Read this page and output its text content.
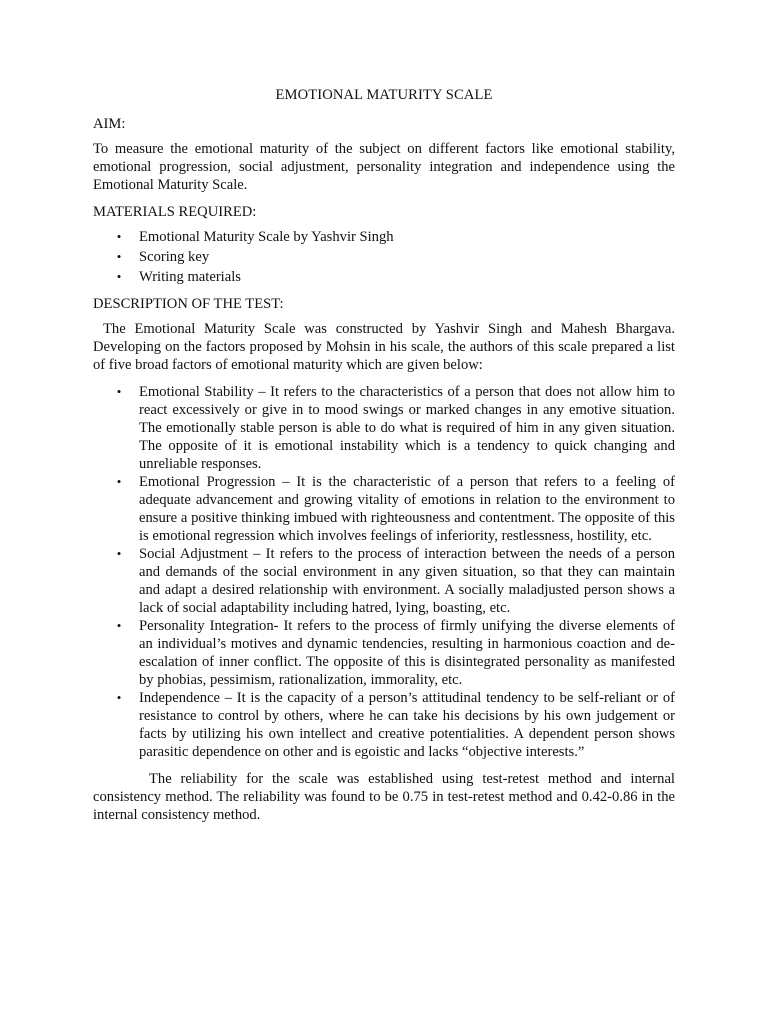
EMOTIONAL MATURITY SCALE
AIM:

To measure the emotional maturity of the subject on different factors like emotional stability, emotional progression, social adjustment, personality integration and independence using the Emotional Maturity Scale.

MATERIALS REQUIRED:
• Emotional Maturity Scale by Yashvir Singh
• Scoring key
• Writing materials
DESCRIPTION OF THE TEST:

The Emotional Maturity Scale was constructed by Yashvir Singh and Mahesh Bhargava. Developing on the factors proposed by Mohsin in his scale, the authors of this scale prepared a list of five broad factors of emotional maturity which are given below:

• Emotional Stability – It refers to the characteristics of a person that does not allow him to react excessively or give in to mood swings or marked changes in any emotive situation. The emotionally stable person is able to do what is required of him in any given situation. The opposite of it is emotional instability which is a tendency to quick changing and unreliable responses.
• Emotional Progression – It is the characteristic of a person that refers to a feeling of adequate advancement and growing vitality of emotions in relation to the environment to ensure a positive thinking imbued with righteousness and contentment. The opposite of this is emotional regression which involves feelings of inferiority, restlessness, hostility, etc.
• Social Adjustment – It refers to the process of interaction between the needs of a person and demands of the social environment in any given situation, so that they can maintain and adapt a desired relationship with environment. A socially maladjusted person shows a lack of social adaptability including hatred, lying, boasting, etc.
• Personality Integration- It refers to the process of firmly unifying the diverse elements of an individual’s motives and dynamic tendencies, resulting in harmonious coaction and de-escalation of inner conflict. The opposite of this is disintegrated personality as manifested by phobias, pessimism, rationalization, immorality, etc.
• Independence – It is the capacity of a person’s attitudinal tendency to be self-reliant or of resistance to control by others, where he can take his decisions by his own judgement or facts by utilizing his own intellect and creative potentialities. A dependent person shows parasitic dependence on other and is egoistic and lacks “objective interests.”

The reliability for the scale was established using test-retest method and internal consistency method. The reliability was found to be 0.75 in test-retest method and 0.42-0.86 in the internal consistency method.
